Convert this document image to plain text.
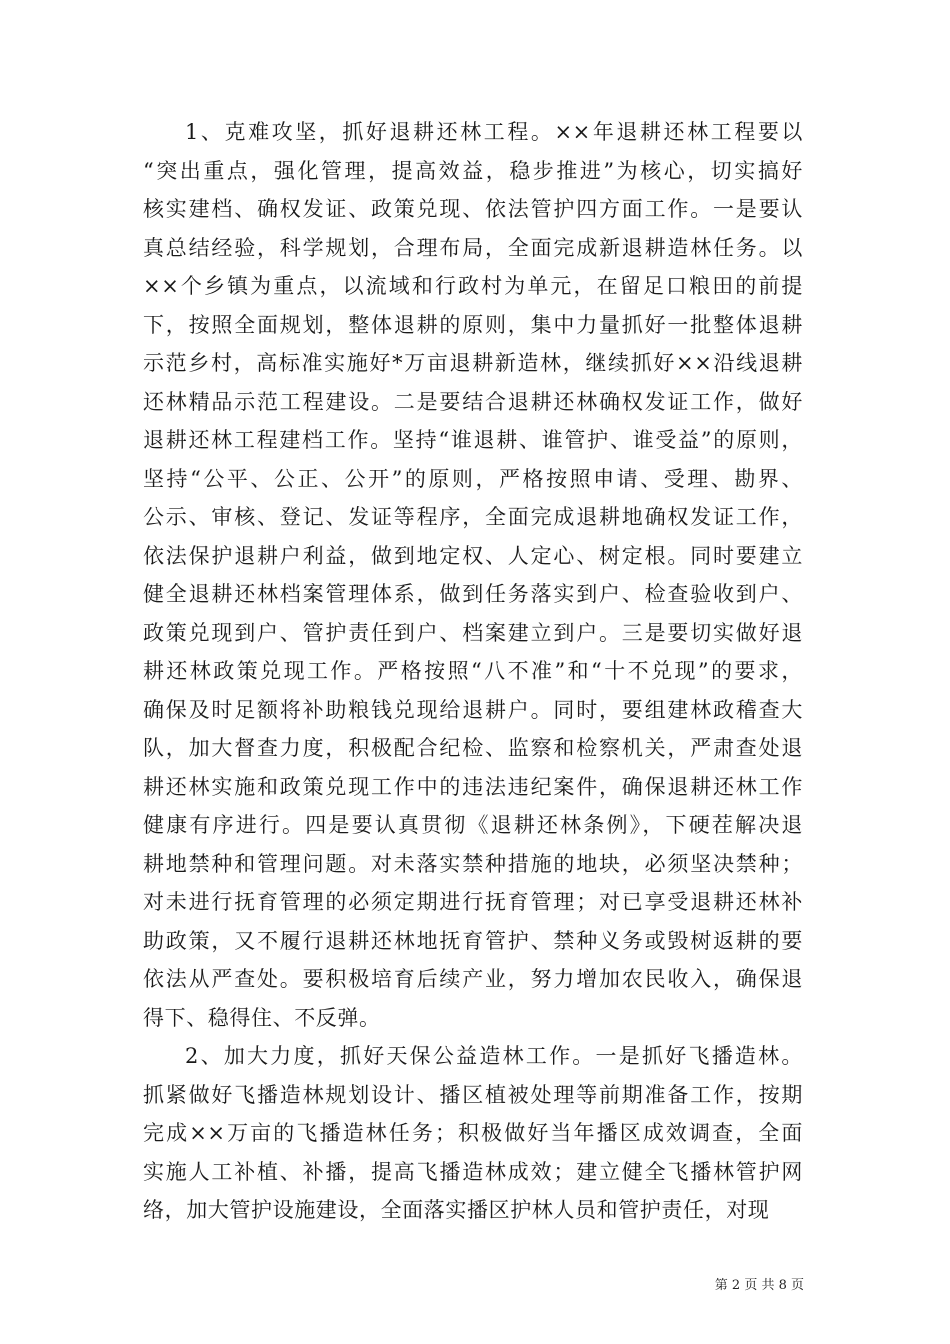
1、克难攻坚，抓好退耕还林工程。××年退耕还林工程要以
“突出重点，强化管理，提高效益，稳步推进”为核心，切实搞好
核实建档、确权发证、政策兑现、依法管护四方面工作。一是要认
真总结经验，科学规划，合理布局，全面完成新退耕造林任务。以
××个乡镇为重点，以流域和行政村为单元，在留足口粮田的前提
下，按照全面规划，整体退耕的原则，集中力量抓好一批整体退耕
示范乡村，高标准实施好*万亩退耕新造林，继续抓好××沿线退耕
还林精品示范工程建设。二是要结合退耕还林确权发证工作，做好
退耕还林工程建档工作。坚持“谁退耕、谁管护、谁受益”的原则，
坚持“公平、公正、公开”的原则，严格按照申请、受理、勘界、
公示、审核、登记、发证等程序，全面完成退耕地确权发证工作，
依法保护退耕户利益，做到地定权、人定心、树定根。同时要建立
健全退耕还林档案管理体系，做到任务落实到户、检查验收到户、
政策兑现到户、管护责任到户、档案建立到户。三是要切实做好退
耕还林政策兑现工作。严格按照“八不准”和“十不兑现”的要求，
确保及时足额将补助粮钱兑现给退耕户。同时，要组建林政稽查大
队，加大督查力度，积极配合纪检、监察和检察机关，严肃查处退
耕还林实施和政策兑现工作中的违法违纪案件，确保退耕还林工作
健康有序进行。四是要认真贯彻《退耕还林条例》，下硬茬解决退
耕地禁种和管理问题。对未落实禁种措施的地块，必须坚决禁种；
对未进行抚育管理的必须定期进行抚育管理；对已享受退耕还林补
助政策，又不履行退耕还林地抚育管护、禁种义务或毁树返耕的要
依法从严查处。要积极培育后续产业，努力增加农民收入，确保退
得下、稳得住、不反弹。
2、加大力度，抓好天保公益造林工作。一是抓好飞播造林。
抓紧做好飞播造林规划设计、播区植被处理等前期准备工作，按期
完成××万亩的飞播造林任务；积极做好当年播区成效调查，全面
实施人工补植、补播，提高飞播造林成效；建立健全飞播林管护网
络，加大管护设施建设，全面落实播区护林人员和管护责任，对现
第 2 页 共 8 页
